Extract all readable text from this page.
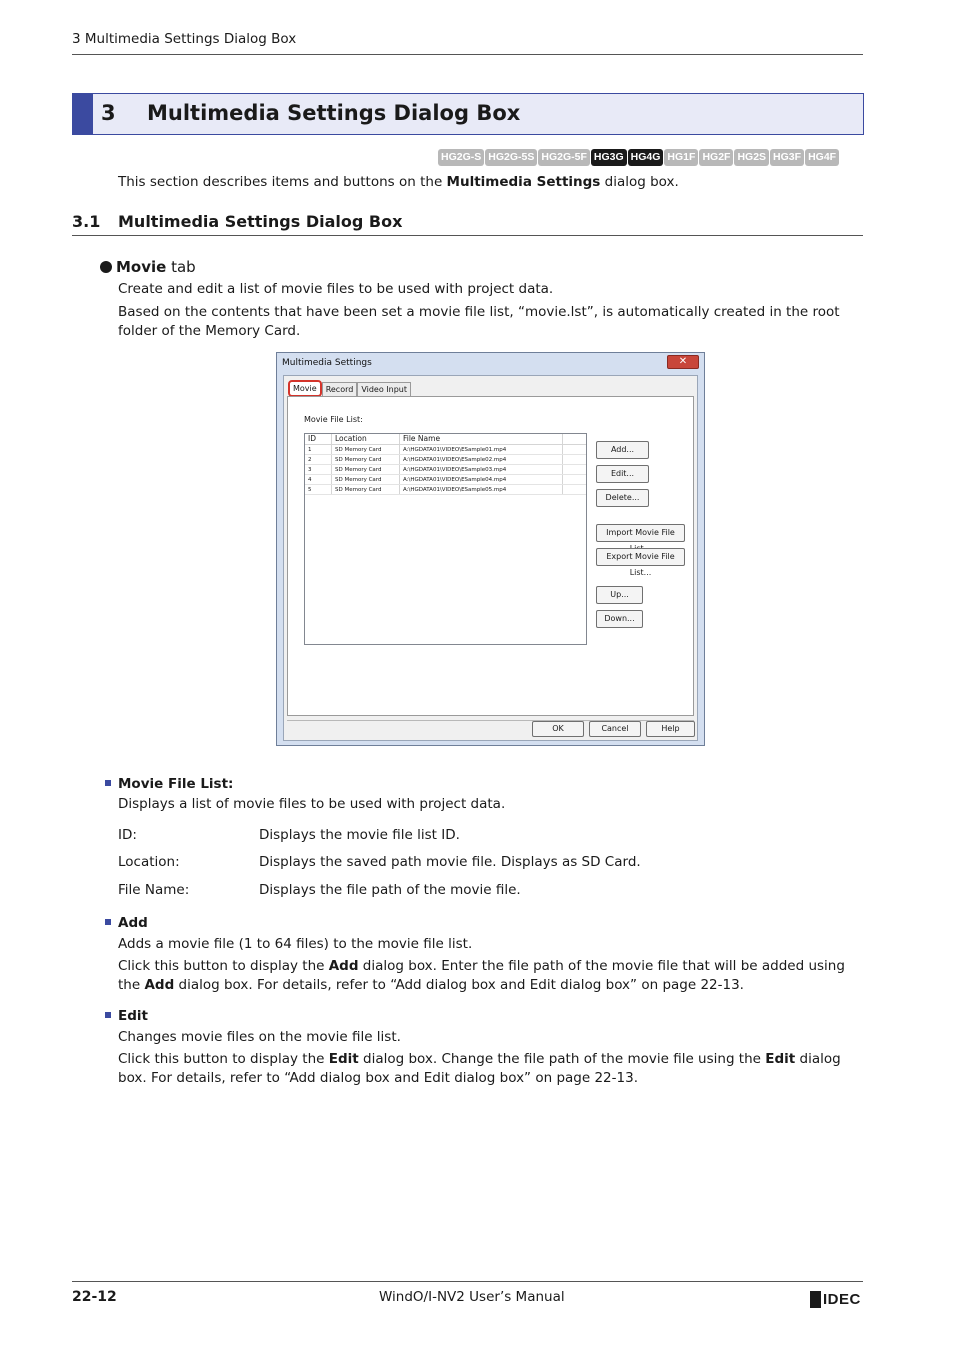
3 Multimedia Settings Dialog Box
3 Multimedia Settings Dialog Box
HG2G-S HG2G-5S HG2G-5F HG3G HG4G HG1F HG2F HG2S HG3F HG4F
This section describes items and buttons on the Multimedia Settings dialog box.
3.1 Multimedia Settings Dialog Box
Movie tab
Create and edit a list of movie files to be used with project data.
Based on the contents that have been set a movie file list, “movie.lst”, is automatically created in the root folder of the Memory Card.
Multimedia Settings	✕
Movie	Record	Video Input
Movie File List:
ID	Location	File Name
1	SD Memory Card	A:\HGDATA01\VIDEO\ESample01.mp4
2	SD Memory Card	A:\HGDATA01\VIDEO\ESample02.mp4
3	SD Memory Card	A:\HGDATA01\VIDEO\ESample03.mp4
4	SD Memory Card	A:\HGDATA01\VIDEO\ESample04.mp4
5	SD Memory Card	A:\HGDATA01\VIDEO\ESample05.mp4
Add...
Edit...
Delete...
Import Movie File
Export Movie File List...
Up...
Down...
OK	Cancel	Help
Movie File List:
Displays a list of movie files to be used with project data.
ID:	Displays the movie file list ID.
Location:	Displays the saved path movie file. Displays as SD Card.
File Name:	Displays the file path of the movie file.
Add
Adds a movie file (1 to 64 files) to the movie file list.
Click this button to display the Add dialog box. Enter the file path of the movie file that will be added using the Add dialog box. For details, refer to “Add dialog box and Edit dialog box” on page 22-13.
Edit
Changes movie files on the movie file list.
Click this button to display the Edit dialog box. Change the file path of the movie file using the Edit dialog box. For details, refer to “Add dialog box and Edit dialog box” on page 22-13.
22-12	WindO/I-NV2 User’s Manual	IDEC
